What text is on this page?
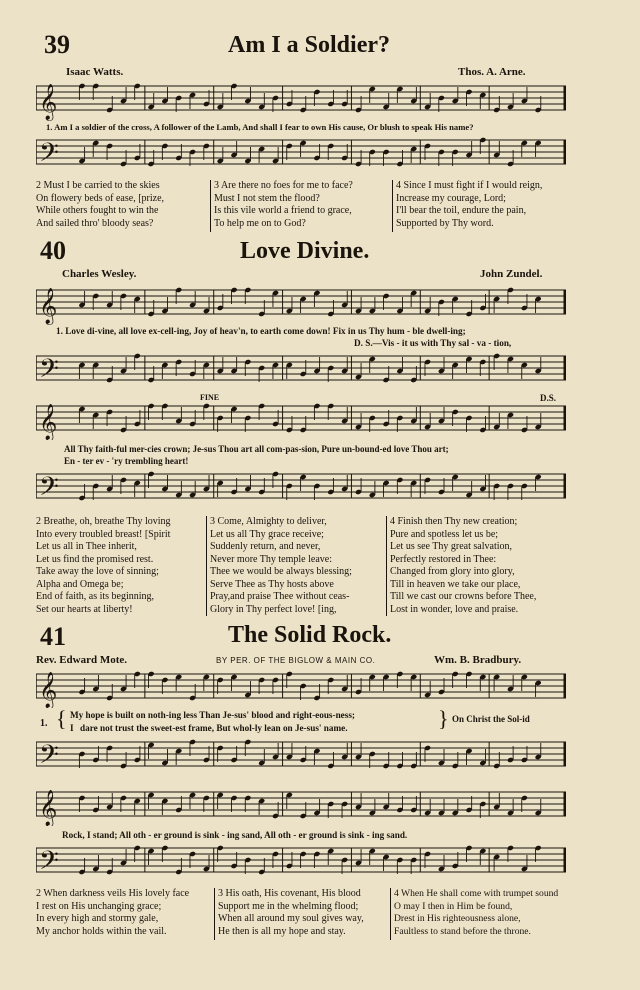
39	Am I a Soldier?
Isaac Watts.	Thos. A. Arne.
𝄞
1. Am I a soldier of the cross, A follower of the Lamb, And shall I fear to own His cause, Or blush to speak His name?
𝄢
2 Must I be carried to the skies
On flowery beds of ease, [prize,
While others fought to win the
And sailed thro' bloody seas?
3 Are there no foes for me to face?
Must I not stem the flood?
Is this vile world a friend to grace,
To help me on to God?
4 Since I must fight if I would reign,
Increase my courage, Lord;
I'll bear the toil, endure the pain,
Supported by Thy word.
40	Love Divine.
Charles Wesley.	John Zundel.
𝄞
1. Love di-vine, all love ex-cell-ing, Joy of heav'n, to earth come down! Fix in us Thy hum - ble dwell-ing;
D. S.—Vis - it us with Thy sal - va - tion,
𝄢
FINE	D.S.
𝄞
All Thy faith-ful mer-cies crown; Je-sus Thou art all com-pas-sion, Pure un-bound-ed love Thou art;
En - ter ev - 'ry trembling heart!
𝄢
2 Breathe, oh, breathe Thy loving
Into every troubled breast! [Spirit
Let us all in Thee inherit,
Let us find the promised rest.
Take away the love of sinning;
Alpha and Omega be;
End of faith, as its beginning,
Set our hearts at liberty!
3 Come, Almighty to deliver,
Let us all Thy grace receive;
Suddenly return, and never,
Never more Thy temple leave:
Thee we would be always blessing;
Serve Thee as Thy hosts above
Pray,and praise Thee without ceas-
Glory in Thy perfect love! [ing,
4 Finish then Thy new creation;
Pure and spotless let us be;
Let us see Thy great salvation,
Perfectly restored in Thee:
Changed from glory into glory,
Till in heaven we take our place,
Till we cast our crowns before Thee,
Lost in wonder, love and praise.
41	The Solid Rock.
Rev. Edward Mote.	BY PER. OF THE BIGLOW & MAIN CO.	Wm. B. Bradbury.
𝄞
1. { My hope is built on noth-ing less Than Je-sus' blood and right-eous-ness;
I dare not trust the sweet-est frame, But whol-ly lean on Je-sus' name.	} On Christ the Sol-id
𝄢
𝄞
Rock, I stand; All oth - er ground is sink - ing sand, All oth - er ground is sink - ing sand.
𝄢
2 When darkness veils His lovely face
I rest on His unchanging grace;
In every high and stormy gale,
My anchor holds within the vail.
3 His oath, His covenant, His blood
Support me in the whelming flood;
When all around my soul gives way,
He then is all my hope and stay.
4 When He shall come with trumpet sound
O may I then in Him be found,
Drest in His righteousness alone,
Faultless to stand before the throne.
